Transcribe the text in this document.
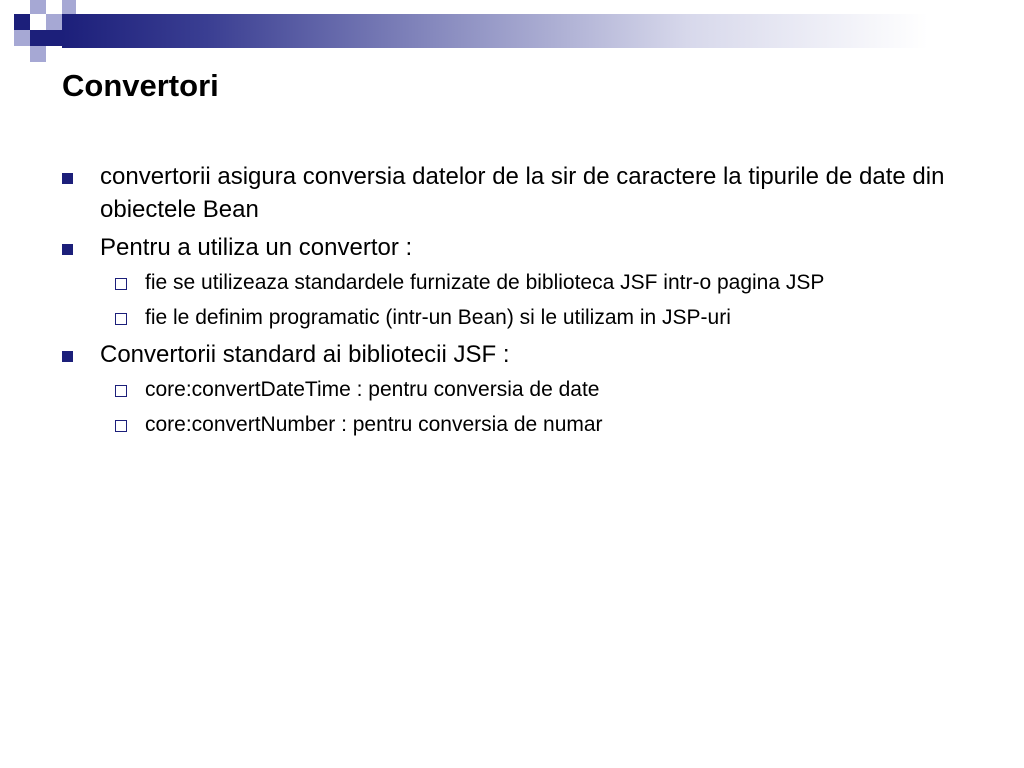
Convertori
convertorii asigura conversia datelor de la sir de caractere la tipurile de date din obiectele Bean
Pentru a utiliza un convertor :
fie se utilizeaza standardele furnizate de biblioteca JSF intr-o pagina JSP
fie le definim programatic (intr-un Bean) si le utilizam in JSP-uri
Convertorii standard ai bibliotecii JSF :
core:convertDateTime : pentru conversia de date
core:convertNumber : pentru conversia de numar
